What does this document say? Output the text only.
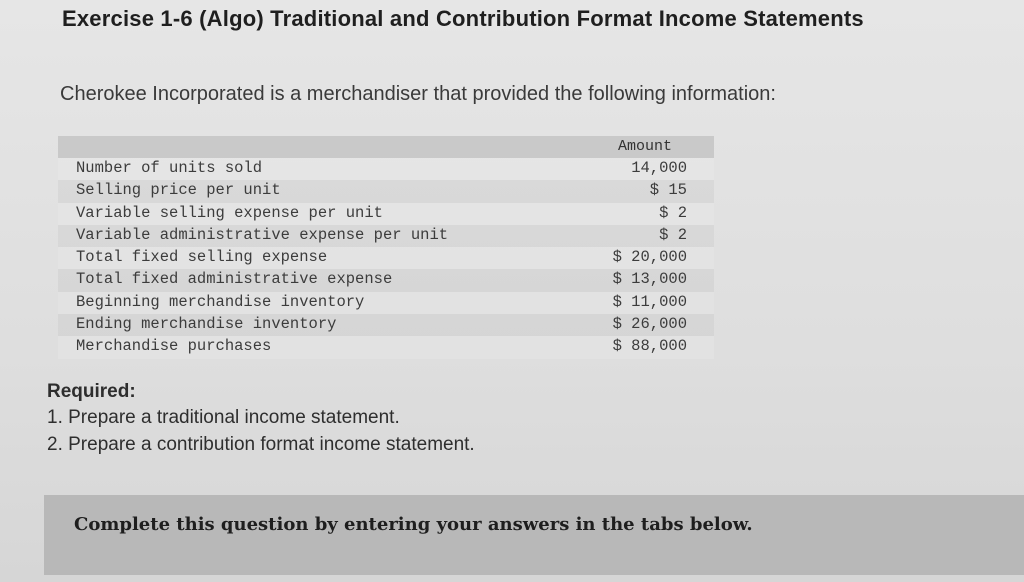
Exercise 1-6 (Algo) Traditional and Contribution Format Income Statements
Cherokee Incorporated is a merchandiser that provided the following information:
Amount
Number of units sold	14,000
Selling price per unit	$ 15
Variable selling expense per unit	$ 2
Variable administrative expense per unit	$ 2
Total fixed selling expense	$ 20,000
Total fixed administrative expense	$ 13,000
Beginning merchandise inventory	$ 11,000
Ending merchandise inventory	$ 26,000
Merchandise purchases	$ 88,000
Required:
1. Prepare a traditional income statement.
2. Prepare a contribution format income statement.
Complete this question by entering your answers in the tabs below.
